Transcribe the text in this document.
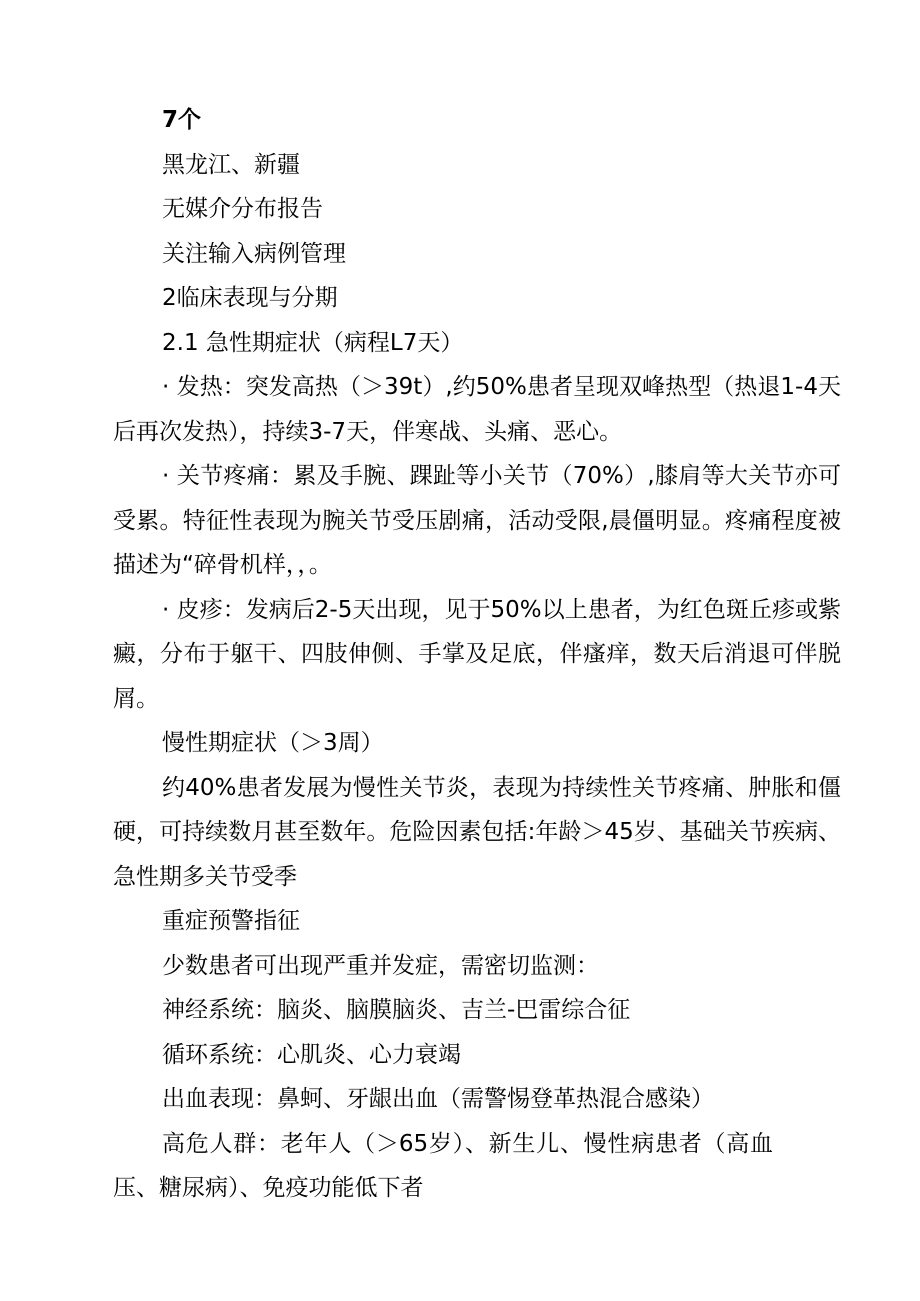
7个
黑龙江、新疆
无媒介分布报告
关注输入病例管理
2临床表现与分期
2.1 急性期症状（病程L7天）
· 发热：突发高热（＞39t）,约50%患者呈现双峰热型（热退1-4天后再次发热），持续3-7天，伴寒战、头痛、恶心。
· 关节疼痛：累及手腕、踝趾等小关节（70%）,膝肩等大关节亦可受累。特征性表现为腕关节受压剧痛，活动受限,晨僵明显。疼痛程度被描述为“碎骨机样，，。
· 皮疹：发病后2-5天出现，见于50%以上患者，为红色斑丘疹或紫癜，分布于躯干、四肢伸侧、手掌及足底，伴瘙痒，数天后消退可伴脱屑。
慢性期症状（＞3周）
约40%患者发展为慢性关节炎，表现为持续性关节疼痛、肿胀和僵硬，可持续数月甚至数年。危险因素包括:年龄＞45岁、基础关节疾病、急性期多关节受季
重症预警指征
少数患者可出现严重并发症，需密切监测：
神经系统：脑炎、脑膜脑炎、吉兰-巴雷综合征
循环系统：心肌炎、心力衰竭
出血表现：鼻蚵、牙龈出血（需警惕登革热混合感染）
高危人群：老年人（＞65岁）、新生儿、慢性病患者（高血压、糖尿病）、免疫功能低下者
